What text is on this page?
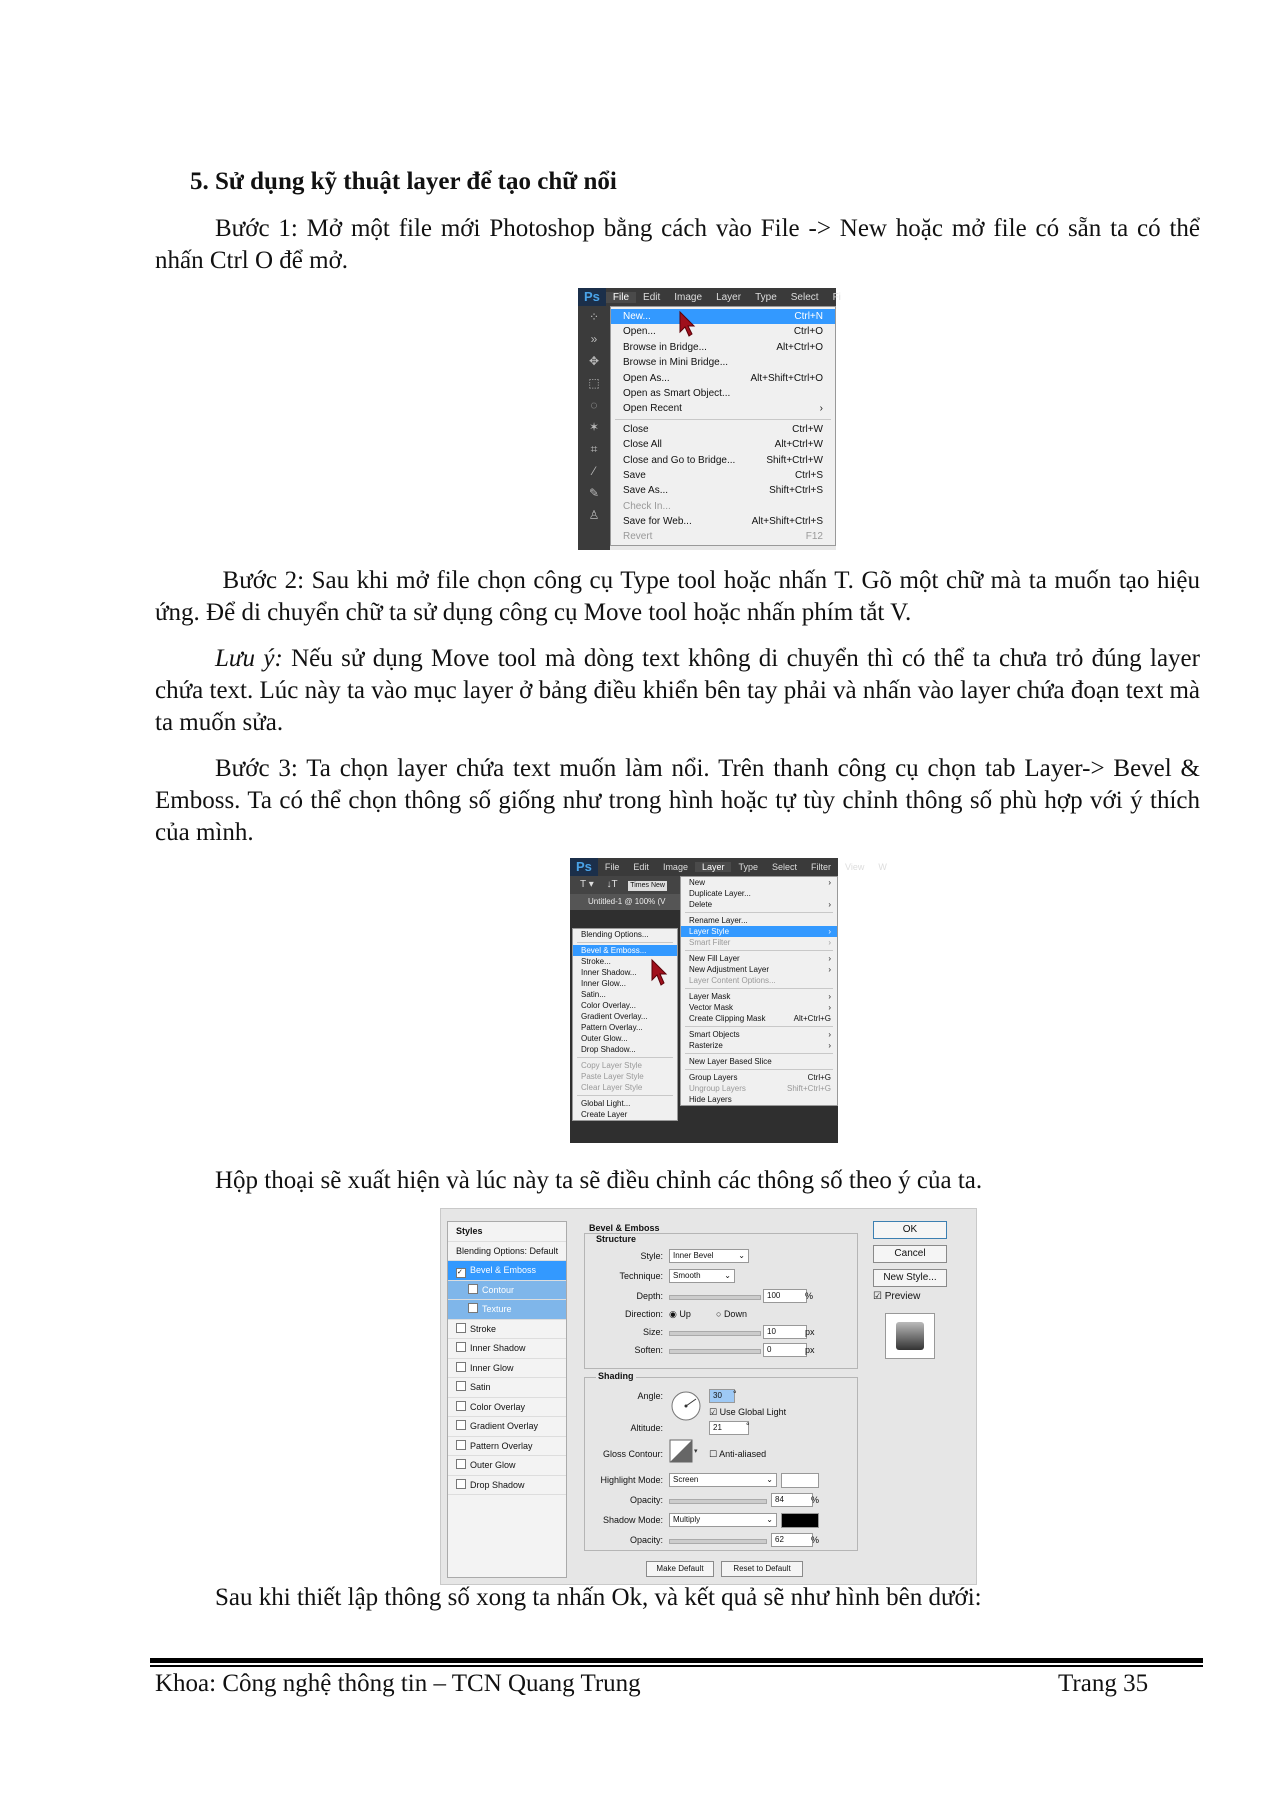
5. Sử dụng kỹ thuật layer để tạo chữ nổi
Bước 1: Mở một file mới Photoshop bằng cách vào File -> New hoặc mở file có sẵn ta có thể nhấn Ctrl O để mở.
Ps	File	Edit	Image	Layer	Type	Select	Fi
⁘
»
✥
⬚
◌
✶
⌗
⁄
✎
♙
New...	Ctrl+N
Open...	Ctrl+O
Browse in Bridge...	Alt+Ctrl+O
Browse in Mini Bridge...
Open As...	Alt+Shift+Ctrl+O
Open as Smart Object...
Open Recent	›
Close	Ctrl+W
Close All	Alt+Ctrl+W
Close and Go to Bridge...	Shift+Ctrl+W
Save	Ctrl+S
Save As...	Shift+Ctrl+S
Check In...
Save for Web...	Alt+Shift+Ctrl+S
Revert	F12
Bước 2: Sau khi mở file chọn công cụ Type tool hoặc nhấn T. Gõ một chữ mà ta muốn tạo hiệu ứng. Để di chuyển chữ ta sử dụng công cụ Move tool hoặc nhấn phím tắt V.
Lưu ý: Nếu sử dụng Move tool mà dòng text không di chuyển thì có thể ta chưa trỏ đúng layer chứa text. Lúc này ta vào mục layer ở bảng điều khiển bên tay phải và nhấn vào layer chứa đoạn text mà ta muốn sửa.
Bước 3: Ta chọn layer chứa text muốn làm nổi. Trên thanh công cụ chọn tab Layer-> Bevel & Emboss. Ta có thể chọn thông số giống như trong hình hoặc tự tùy chỉnh thông số phù hợp với ý thích của mình.
Ps	File	Edit	Image	Layer	Type	Select	Filter	View	W
T ▾ ↓T Times New
Untitled-1 @ 100% (V
Blending Options...
Bevel & Emboss...
Stroke...
Inner Shadow...
Inner Glow...
Satin...
Color Overlay...
Gradient Overlay...
Pattern Overlay...
Outer Glow...
Drop Shadow...
Copy Layer Style
Paste Layer Style
Clear Layer Style
Global Light...
Create Layer
New	›
Duplicate Layer...
Delete	›
Rename Layer...
Layer Style	›
Smart Filter	›
New Fill Layer	›
New Adjustment Layer	›
Layer Content Options...
Layer Mask	›
Vector Mask	›
Create Clipping Mask	Alt+Ctrl+G
Smart Objects	›
Rasterize	›
New Layer Based Slice
Group Layers	Ctrl+G
Ungroup Layers	Shift+Ctrl+G
Hide Layers
Hộp thoại sẽ xuất hiện và lúc này ta sẽ điều chỉnh các thông số theo ý của ta.
Styles
Blending Options: Default
✓ Bevel & Emboss
Contour
Texture
Stroke
Inner Shadow
Inner Glow
Satin
Color Overlay
Gradient Overlay
Pattern Overlay
Outer Glow
Drop Shadow
Bevel & Emboss
Structure
Style:	Inner Bevel	⌄
Technique:	Smooth	⌄
Depth:	100	%
Direction: ◉ Up	○ Down
Size:	10	px
Soften:	0	px
Shading
Angle:	30	°
☑ Use Global Light
Altitude:	21	°
Gloss Contour:	▾ ☐ Anti-aliased
Highlight Mode:	Screen	⌄
Opacity:	84	%
Shadow Mode:	Multiply	⌄
Opacity:	62	%
Make Default	Reset to Default
OK
Cancel
New Style...
☑ Preview
Sau khi thiết lập thông số xong ta nhấn Ok, và kết quả sẽ như hình bên dưới:
Khoa: Công nghệ thông tin – TCN Quang Trung	Trang 35
